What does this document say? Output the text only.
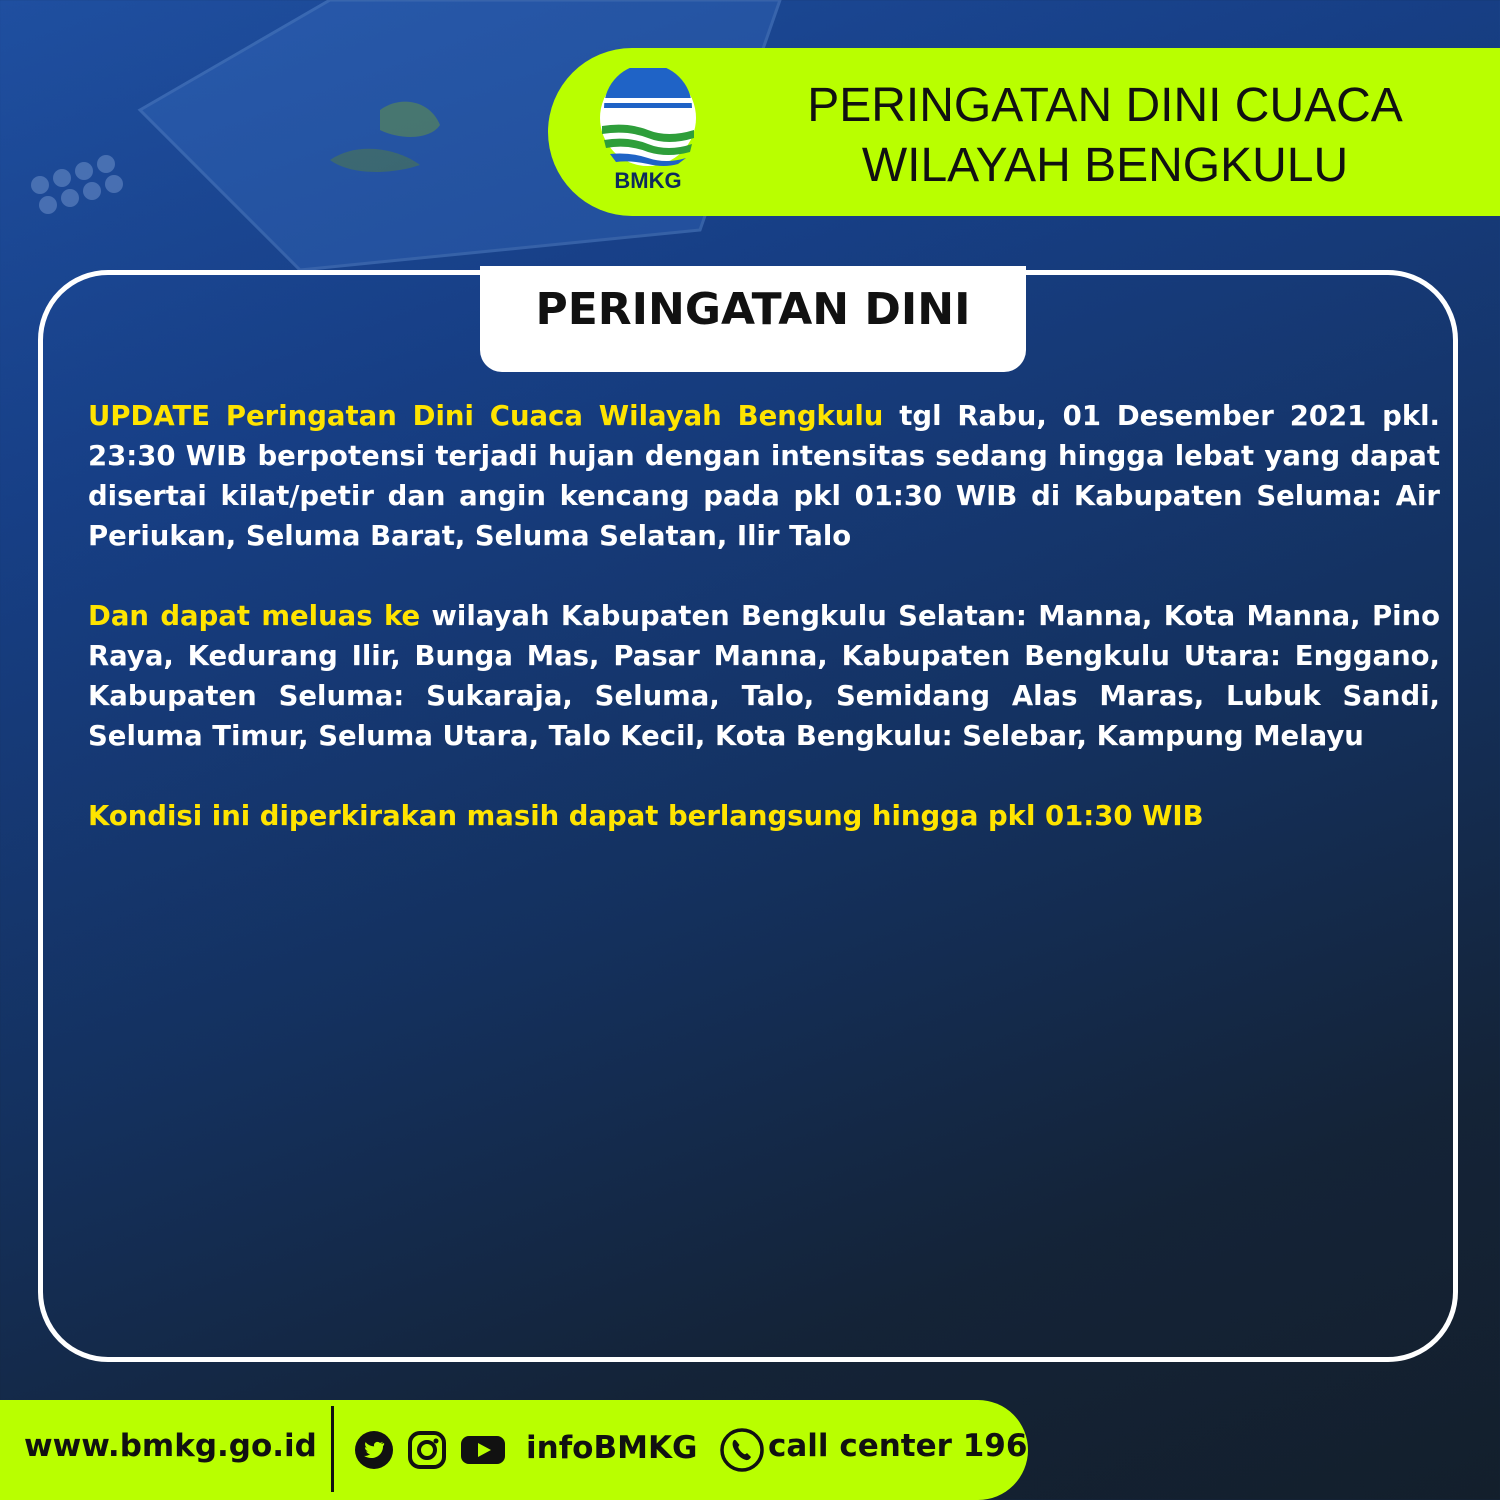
BMKG
PERINGATAN DINI CUACA
WILAYAH BENGKULU
PERINGATAN DINI

UPDATE Peringatan Dini Cuaca Wilayah Bengkulu tgl Rabu, 01 Desember 2021 pkl. 23:30 WIB berpotensi terjadi hujan dengan intensitas sedang hingga lebat yang dapat disertai kilat/petir dan angin kencang pada pkl 01:30 WIB di Kabupaten Seluma: Air Periukan, Seluma Barat, Seluma Selatan, Ilir Talo

Dan dapat meluas ke wilayah Kabupaten Bengkulu Selatan: Manna, Kota Manna, Pino Raya, Kedurang Ilir, Bunga Mas, Pasar Manna, Kabupaten Bengkulu Utara: Enggano, Kabupaten Seluma: Sukaraja, Seluma, Talo, Semidang Alas Maras, Lubuk Sandi, Seluma Timur, Seluma Utara, Talo Kecil, Kota Bengkulu: Selebar, Kampung Melayu

Kondisi ini diperkirakan masih dapat berlangsung hingga pkl 01:30 WIB

www.bmkg.go.id	infoBMKG call center 196
